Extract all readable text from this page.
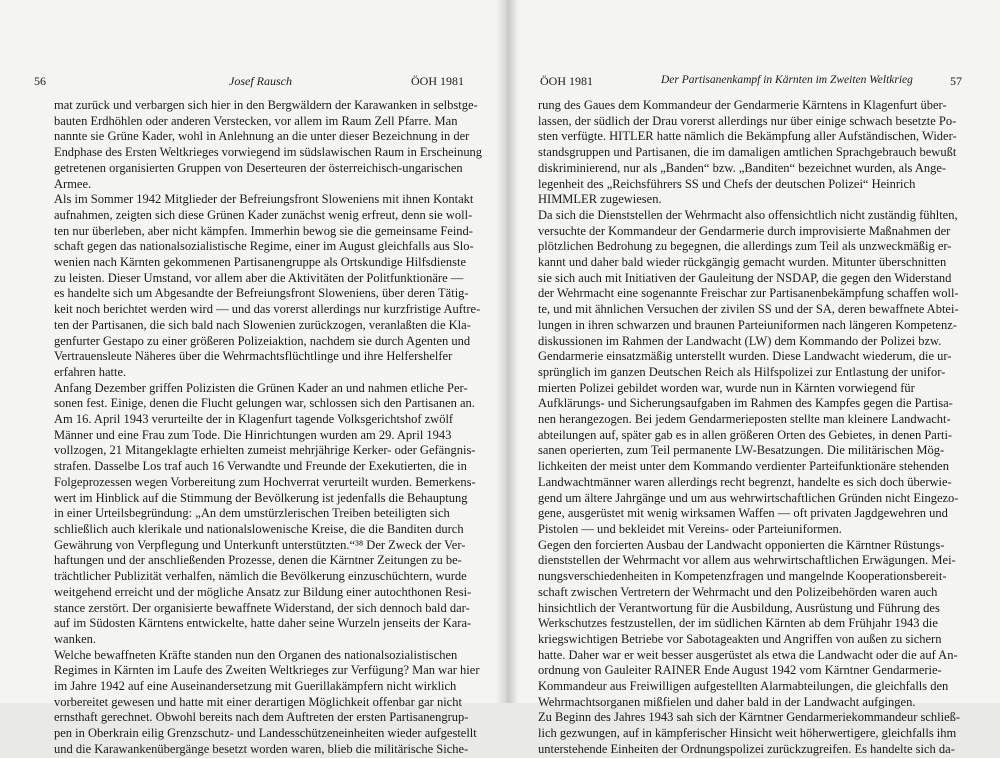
56	Josef Rausch	ÖOH 1981
mat zurück und verbargen sich hier in den Bergwäldern der Karawanken in selbstge-
bauten Erdhöhlen oder anderen Verstecken, vor allem im Raum Zell Pfarre. Man
nannte sie Grüne Kader, wohl in Anlehnung an die unter dieser Bezeichnung in der
Endphase des Ersten Weltkrieges vorwiegend im südslawischen Raum in Erscheinung
getretenen organisierten Gruppen von Deserteuren der österreichisch-ungarischen
Armee.
Als im Sommer 1942 Mitglieder der Befreiungsfront Sloweniens mit ihnen Kontakt
aufnahmen, zeigten sich diese Grünen Kader zunächst wenig erfreut, denn sie woll-
ten nur überleben, aber nicht kämpfen. Immerhin bewog sie die gemeinsame Feind-
schaft gegen das nationalsozialistische Regime, einer im August gleichfalls aus Slo-
wenien nach Kärnten gekommenen Partisanengruppe als Ortskundige Hilfsdienste
zu leisten. Dieser Umstand, vor allem aber die Aktivitäten der Politfunktionäre —
es handelte sich um Abgesandte der Befreiungsfront Sloweniens, über deren Tätig-
keit noch berichtet werden wird — und das vorerst allerdings nur kurzfristige Auftre-
ten der Partisanen, die sich bald nach Slowenien zurückzogen, veranlaßten die Kla-
genfurter Gestapo zu einer größeren Polizeiaktion, nachdem sie durch Agenten und
Vertrauensleute Näheres über die Wehrmachtsflüchtlinge und ihre Helfershelfer
erfahren hatte.
Anfang Dezember griffen Polizisten die Grünen Kader an und nahmen etliche Per-
sonen fest. Einige, denen die Flucht gelungen war, schlossen sich den Partisanen an.
Am 16. April 1943 verurteilte der in Klagenfurt tagende Volksgerichtshof zwölf
Männer und eine Frau zum Tode. Die Hinrichtungen wurden am 29. April 1943
vollzogen, 21 Mitangeklagte erhielten zumeist mehrjährige Kerker- oder Gefängnis-
strafen. Dasselbe Los traf auch 16 Verwandte und Freunde der Exekutierten, die in
Folgeprozessen wegen Vorbereitung zum Hochverrat verurteilt wurden. Bemerkens-
wert im Hinblick auf die Stimmung der Bevölkerung ist jedenfalls die Behauptung
in einer Urteilsbegründung: „An dem umstürzlerischen Treiben beteiligten sich
schließlich auch klerikale und nationalslowenische Kreise, die die Banditen durch
Gewährung von Verpflegung und Unterkunft unterstützten.“³⁸ Der Zweck der Ver-
haftungen und der anschließenden Prozesse, denen die Kärntner Zeitungen zu be-
trächtlicher Publizität verhalfen, nämlich die Bevölkerung einzuschüchtern, wurde
weitgehend erreicht und der mögliche Ansatz zur Bildung einer autochthonen Resi-
stance zerstört. Der organisierte bewaffnete Widerstand, der sich dennoch bald dar-
auf im Südosten Kärntens entwickelte, hatte daher seine Wurzeln jenseits der Kara-
wanken.
Welche bewaffneten Kräfte standen nun den Organen des nationalsozialistischen
Regimes in Kärnten im Laufe des Zweiten Weltkrieges zur Verfügung? Man war hier
im Jahre 1942 auf eine Auseinandersetzung mit Guerillakämpfern nicht wirklich
vorbereitet gewesen und hatte mit einer derartigen Möglichkeit offenbar gar nicht
ernsthaft gerechnet. Obwohl bereits nach dem Auftreten der ersten Partisanengrup-
pen in Oberkrain eilig Grenzschutz- und Landesschützeneinheiten wieder aufgestellt
und die Karawankenübergänge besetzt worden waren, blieb die militärische Siche-
ÖOH 1981	Der Partisanenkampf in Kärnten im Zweiten Weltkrieg	57
rung des Gaues dem Kommandeur der Gendarmerie Kärntens in Klagenfurt über-
lassen, der südlich der Drau vorerst allerdings nur über einige schwach besetzte Po-
sten verfügte. HITLER hatte nämlich die Bekämpfung aller Aufständischen, Wider-
standsgruppen und Partisanen, die im damaligen amtlichen Sprachgebrauch bewußt
diskriminierend, nur als „Banden“ bzw. „Banditen“ bezeichnet wurden, als Ange-
legenheit des „Reichsführers SS und Chefs der deutschen Polizei“ Heinrich
HIMMLER zugewiesen.
Da sich die Dienststellen der Wehrmacht also offensichtlich nicht zuständig fühlten,
versuchte der Kommandeur der Gendarmerie durch improvisierte Maßnahmen der
plötzlichen Bedrohung zu begegnen, die allerdings zum Teil als unzweckmäßig er-
kannt und daher bald wieder rückgängig gemacht wurden. Mitunter überschnitten
sie sich auch mit Initiativen der Gauleitung der NSDAP, die gegen den Widerstand
der Wehrmacht eine sogenannte Freischar zur Partisanenbekämpfung schaffen woll-
te, und mit ähnlichen Versuchen der zivilen SS und der SA, deren bewaffnete Abtei-
lungen in ihren schwarzen und braunen Parteiuniformen nach längeren Kompetenz-
diskussionen im Rahmen der Landwacht (LW) dem Kommando der Polizei bzw.
Gendarmerie einsatzmäßig unterstellt wurden. Diese Landwacht wiederum, die ur-
sprünglich im ganzen Deutschen Reich als Hilfspolizei zur Entlastung der unifor-
mierten Polizei gebildet worden war, wurde nun in Kärnten vorwiegend für
Aufklärungs- und Sicherungsaufgaben im Rahmen des Kampfes gegen die Partisa-
nen herangezogen. Bei jedem Gendarmerieposten stellte man kleinere Landwacht-
abteilungen auf, später gab es in allen größeren Orten des Gebietes, in denen Parti-
sanen operierten, zum Teil permanente LW-Besatzungen. Die militärischen Mög-
lichkeiten der meist unter dem Kommando verdienter Parteifunktionäre stehenden
Landwachtmänner waren allerdings recht begrenzt, handelte es sich doch überwie-
gend um ältere Jahrgänge und um aus wehrwirtschaftlichen Gründen nicht Eingezo-
gene, ausgerüstet mit wenig wirksamen Waffen — oft privaten Jagdgewehren und
Pistolen — und bekleidet mit Vereins- oder Parteiuniformen.
Gegen den forcierten Ausbau der Landwacht opponierten die Kärntner Rüstungs-
dienststellen der Wehrmacht vor allem aus wehrwirtschaftlichen Erwägungen. Mei-
nungsverschiedenheiten in Kompetenzfragen und mangelnde Kooperationsbereit-
schaft zwischen Vertretern der Wehrmacht und den Polizeibehörden waren auch
hinsichtlich der Verantwortung für die Ausbildung, Ausrüstung und Führung des
Werkschutzes festzustellen, der im südlichen Kärnten ab dem Frühjahr 1943 die
kriegswichtigen Betriebe vor Sabotageakten und Angriffen von außen zu sichern
hatte. Daher war er weit besser ausgerüstet als etwa die Landwacht oder die auf An-
ordnung von Gauleiter RAINER Ende August 1942 vom Kärntner Gendarmerie-
Kommandeur aus Freiwilligen aufgestellten Alarmabteilungen, die gleichfalls den
Wehrmachtsorganen mißfielen und daher bald in der Landwacht aufgingen.
Zu Beginn des Jahres 1943 sah sich der Kärntner Gendarmeriekommandeur schließ-
lich gezwungen, auf in kämpferischer Hinsicht weit höherwertigere, gleichfalls ihm
unterstehende Einheiten der Ordnungspolizei zurückzugreifen. Es handelte sich da-
